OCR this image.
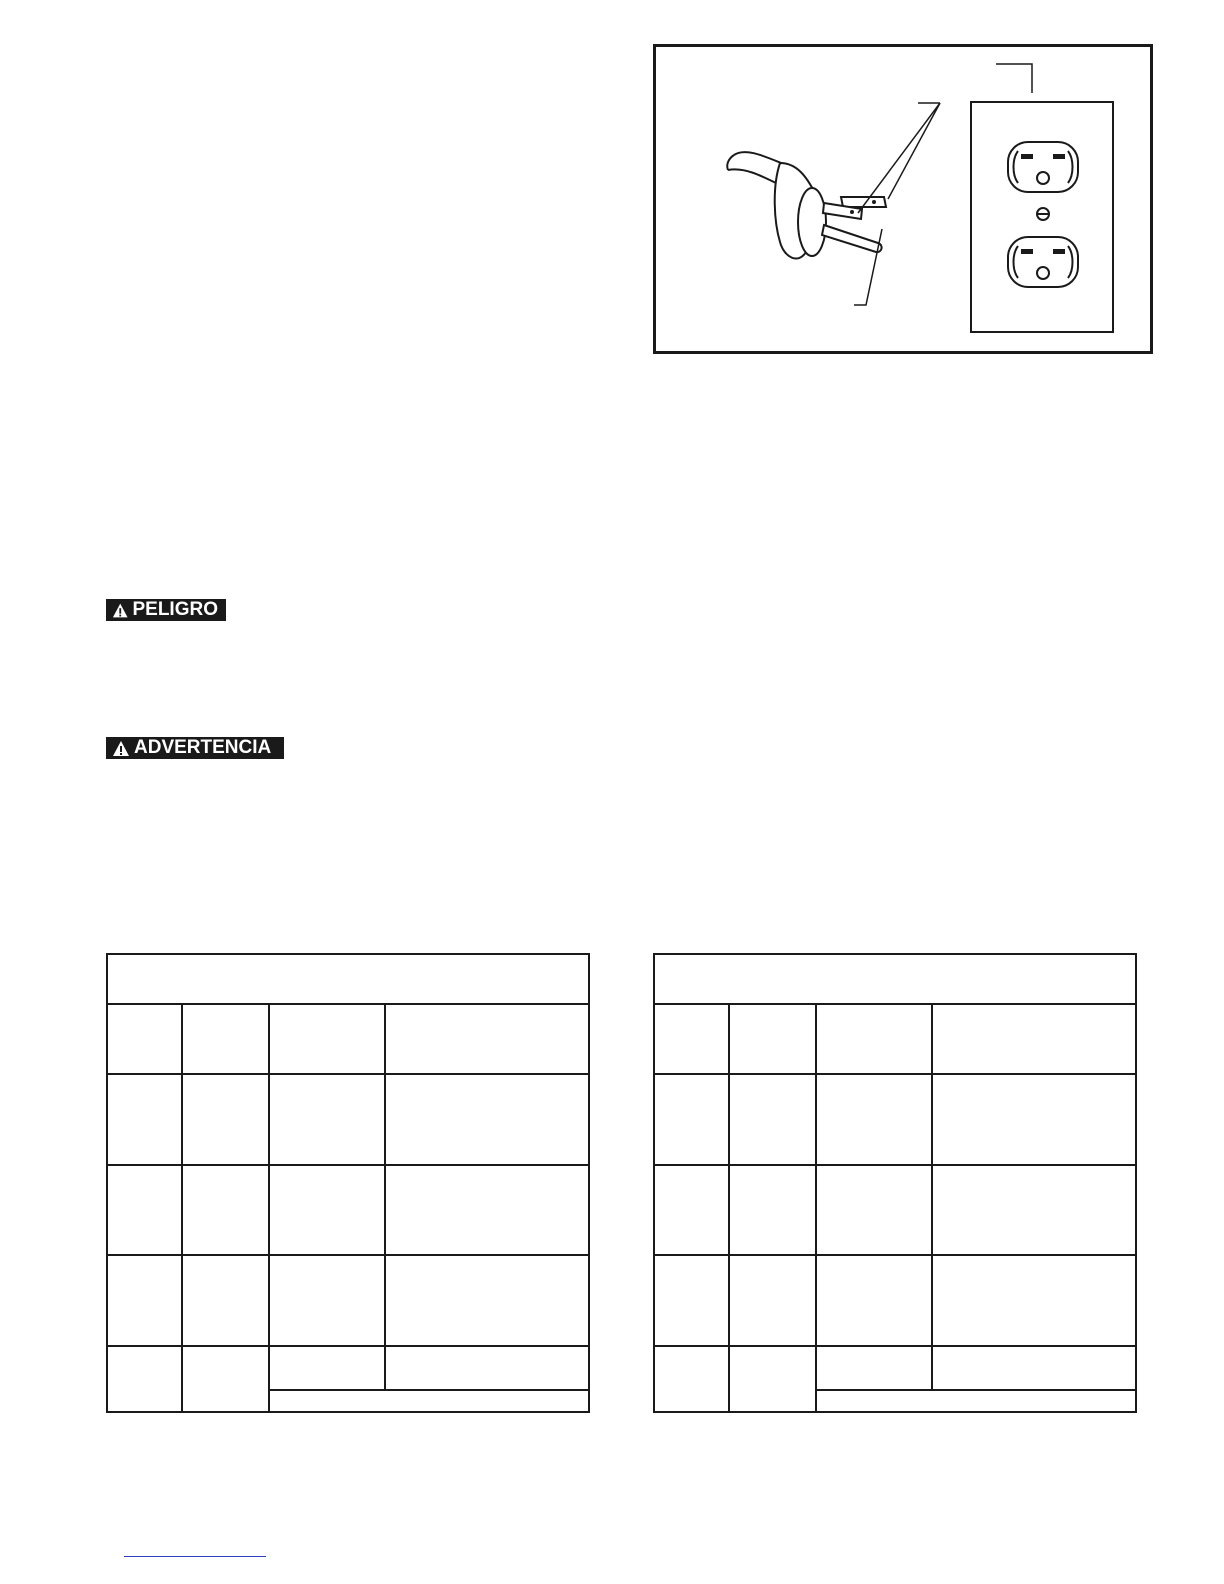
PELIGRO
ADVERTENCIA
